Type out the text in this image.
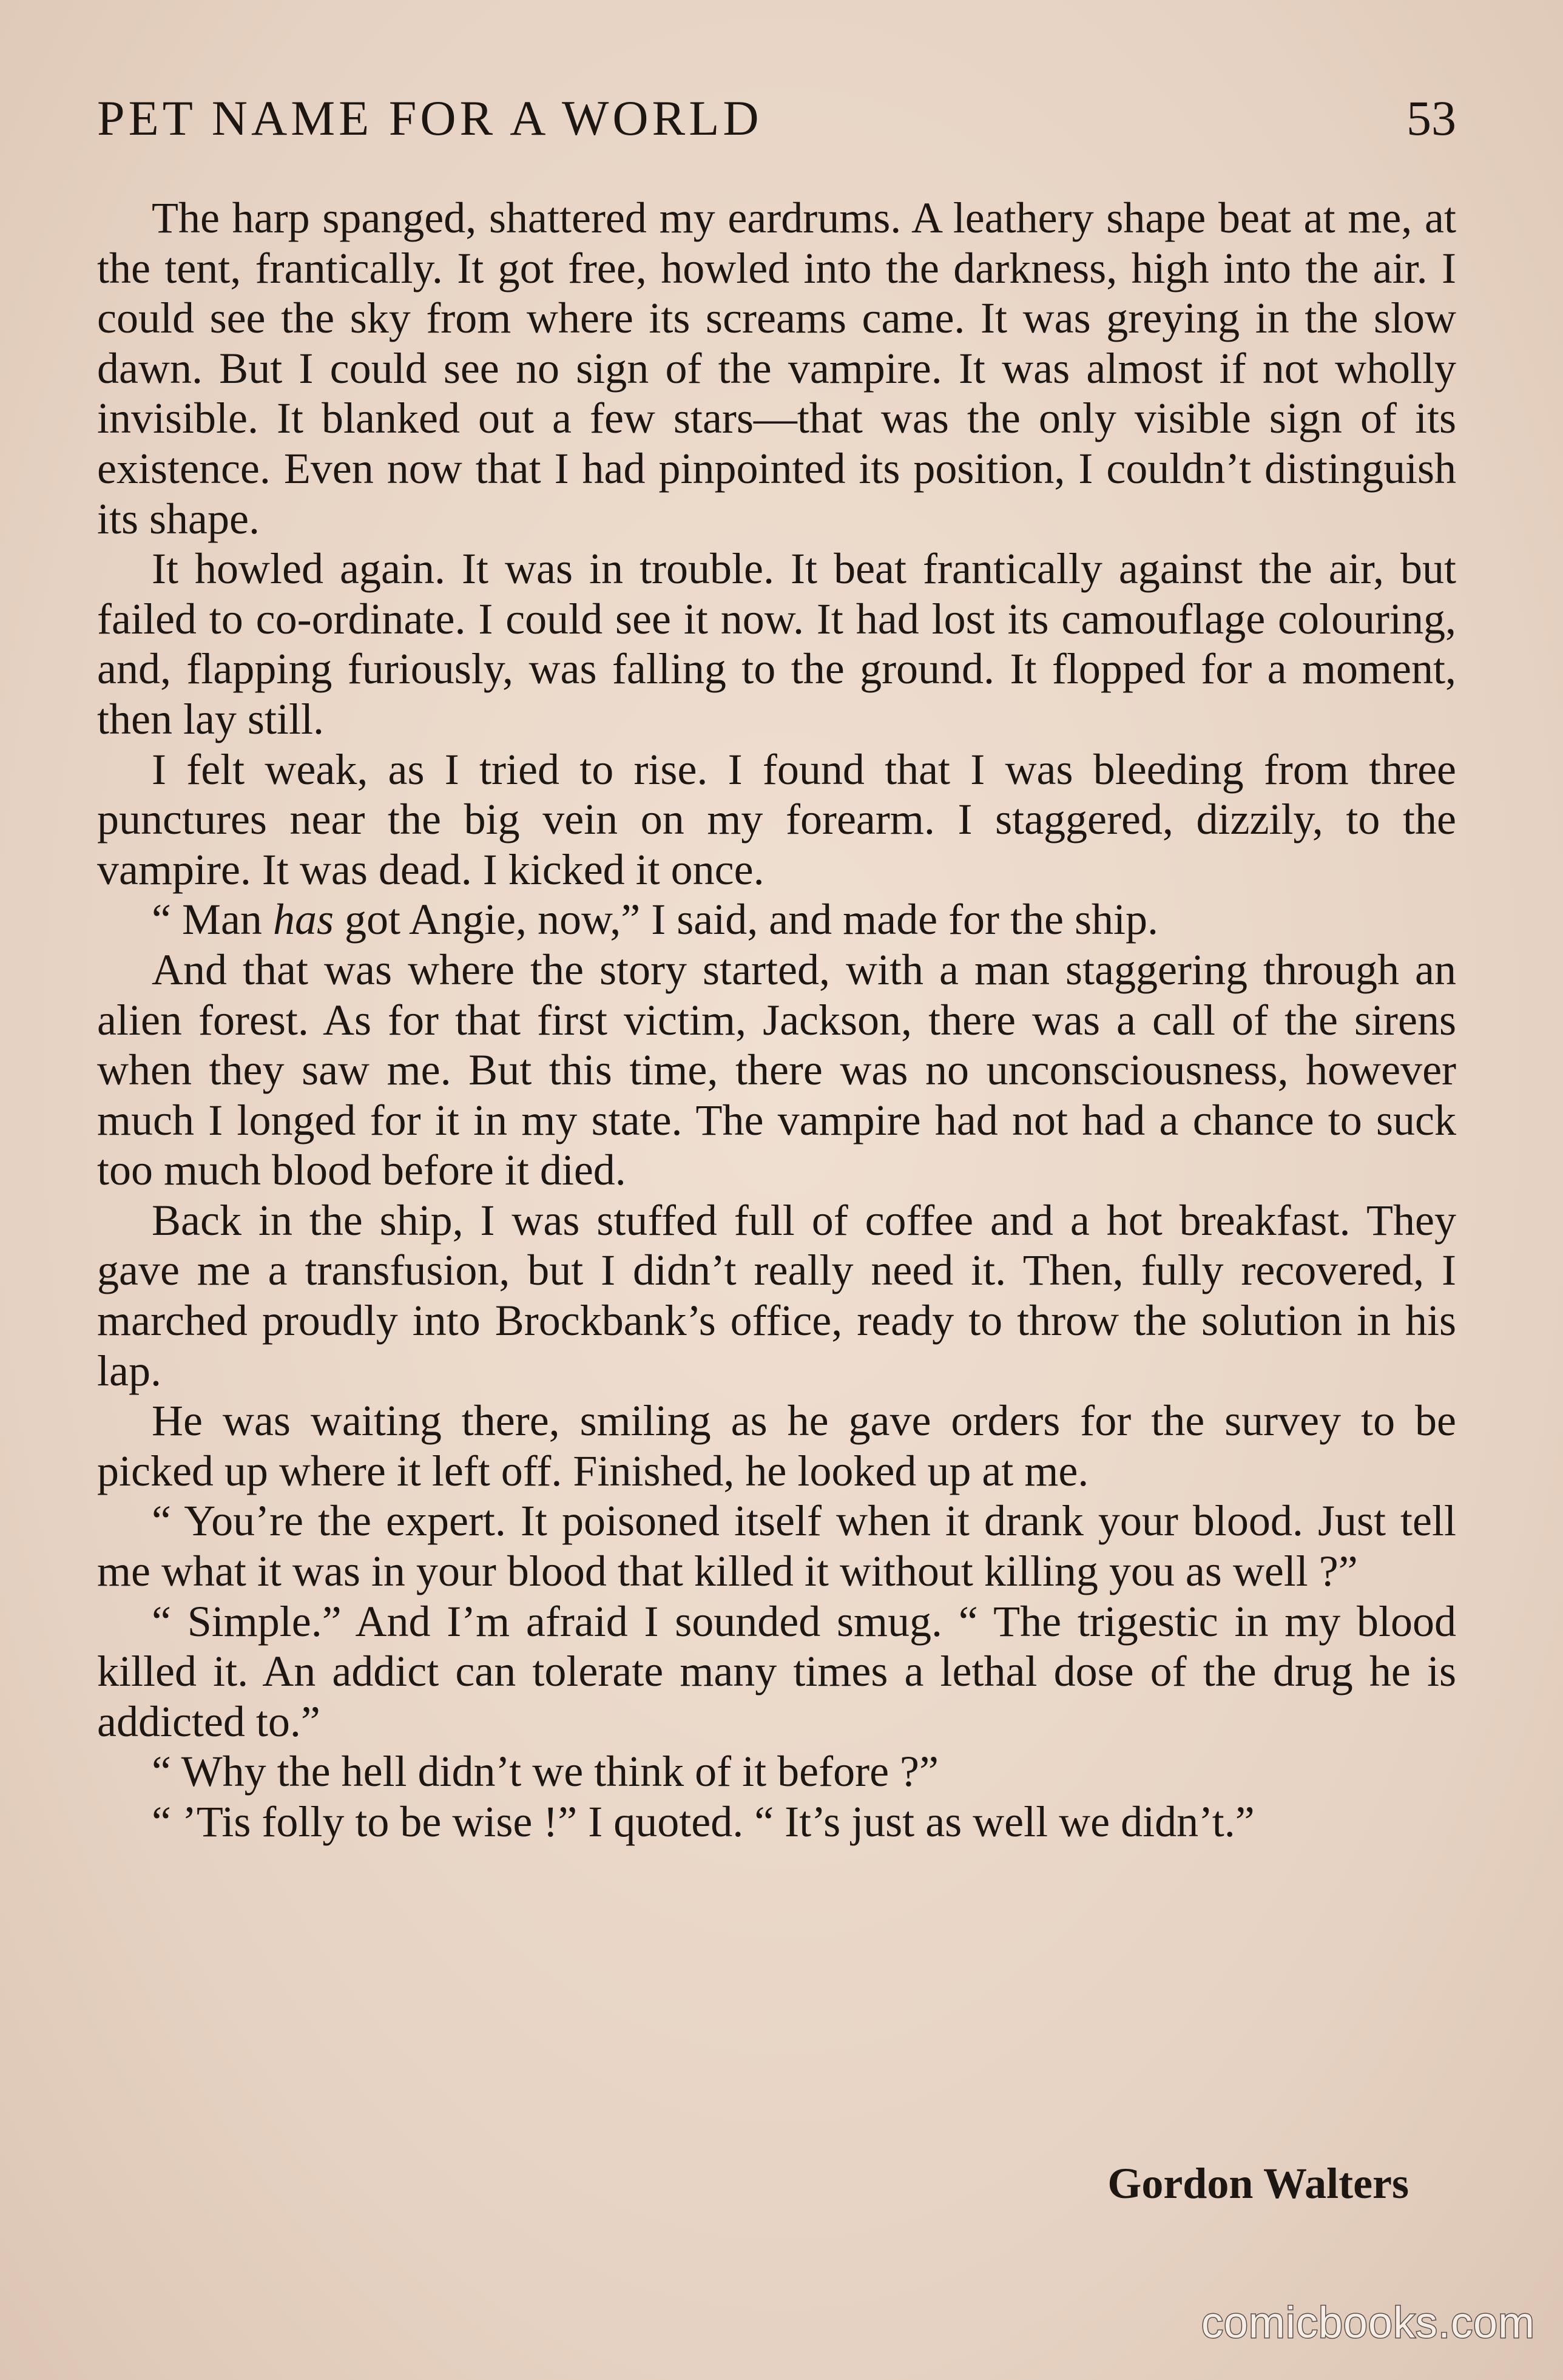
PET NAME FOR A WORLD	53

The harp spanged, shattered my eardrums. A leathery shape beat at me, at the tent, frantically. It got free, howled into the darkness, high into the air. I could see the sky from where its screams came. It was greying in the slow dawn. But I could see no sign of the vampire. It was almost if not wholly invisible. It blanked out a few stars—that was the only visible sign of its existence. Even now that I had pinpointed its position, I couldn’t distinguish its shape.

It howled again. It was in trouble. It beat frantically against the air, but failed to co-ordinate. I could see it now. It had lost its camouflage colouring, and, flapping furiously, was falling to the ground. It flopped for a moment, then lay still.

I felt weak, as I tried to rise. I found that I was bleeding from three punctures near the big vein on my forearm. I staggered, dizzily, to the vampire. It was dead. I kicked it once.

“ Man has got Angie, now,” I said, and made for the ship.

And that was where the story started, with a man staggering through an alien forest. As for that first victim, Jackson, there was a call of the sirens when they saw me. But this time, there was no unconsciousness, however much I longed for it in my state. The vampire had not had a chance to suck too much blood before it died.

Back in the ship, I was stuffed full of coffee and a hot breakfast. They gave me a transfusion, but I didn’t really need it. Then, fully recovered, I marched proudly into Brockbank’s office, ready to throw the solution in his lap.

He was waiting there, smiling as he gave orders for the survey to be picked up where it left off. Finished, he looked up at me.

“ You’re the expert. It poisoned itself when it drank your blood. Just tell me what it was in your blood that killed it without killing you as well ?”

“ Simple.” And I’m afraid I sounded smug. “ The trigestic in my blood killed it. An addict can tolerate many times a lethal dose of the drug he is addicted to.”

“ Why the hell didn’t we think of it before ?”

“ ’Tis folly to be wise !” I quoted. “ It’s just as well we didn’t.”

Gordon Walters
comicbooks.com
